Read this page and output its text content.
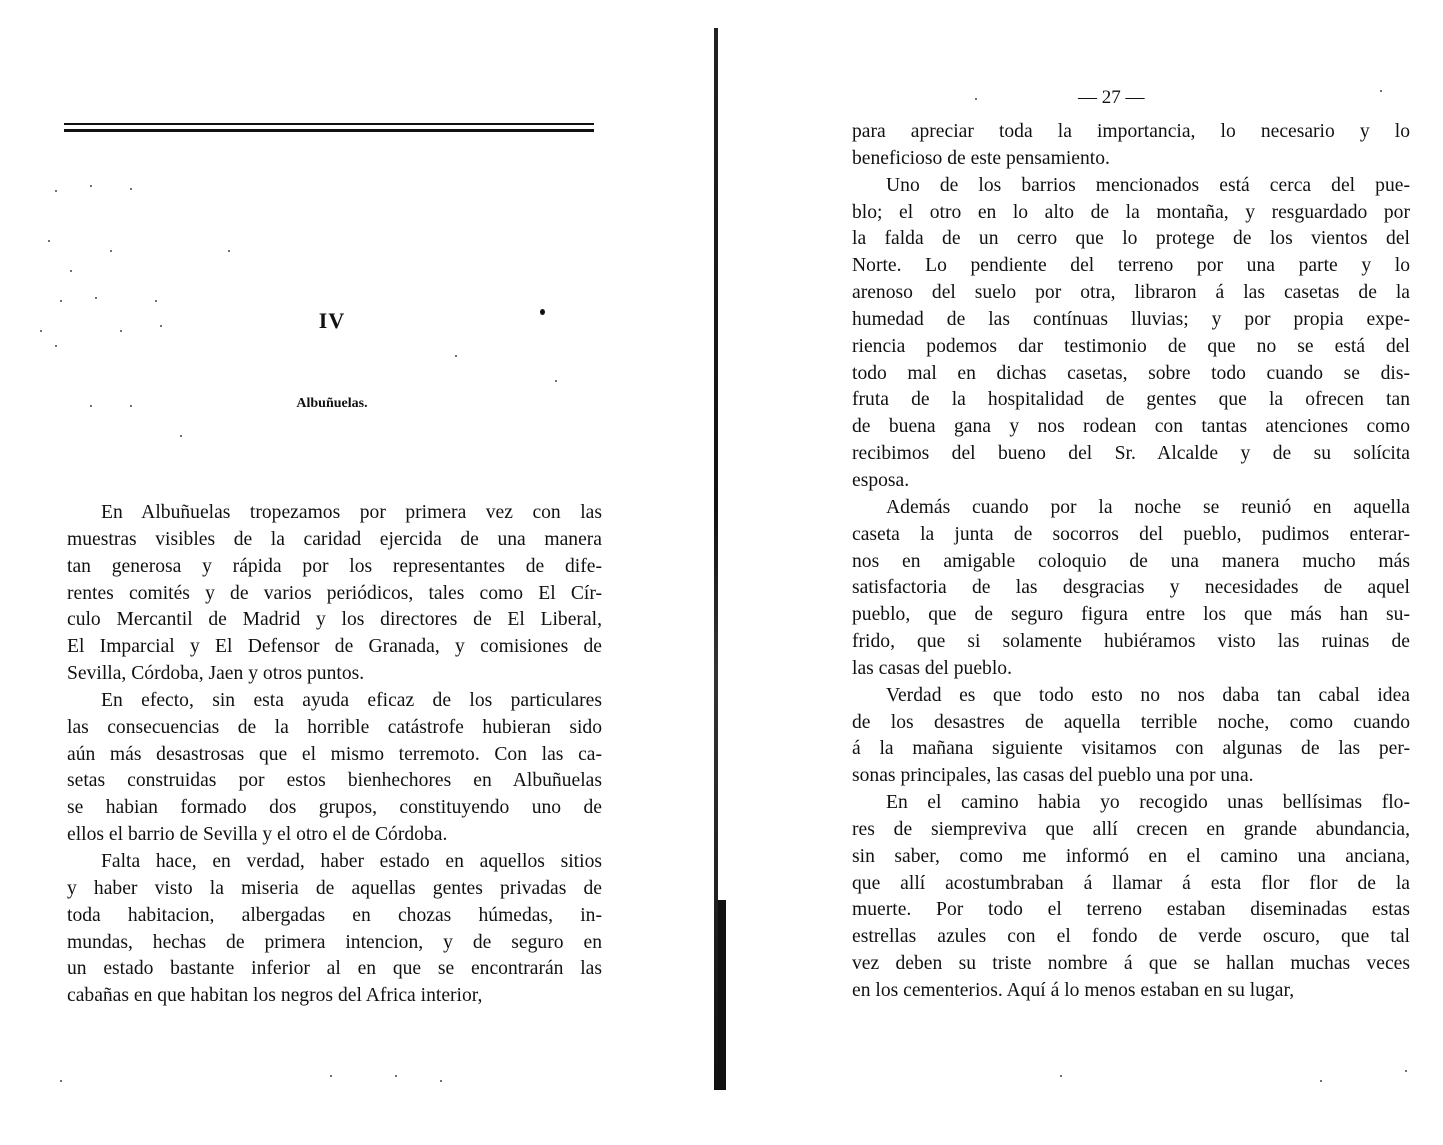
IV
Albuñuelas.
En Albuñuelas tropezamos por primera vez con las
muestras visibles de la caridad ejercida de una manera
tan generosa y rápida por los representantes de dife-
rentes comités y de varios periódicos, tales como El Cír-
culo Mercantil de Madrid y los directores de El Liberal,
El Imparcial y El Defensor de Granada, y comisiones de
Sevilla, Córdoba, Jaen y otros puntos.
En efecto, sin esta ayuda eficaz de los particulares
las consecuencias de la horrible catástrofe hubieran sido
aún más desastrosas que el mismo terremoto. Con las ca-
setas construidas por estos bienhechores en Albuñuelas
se habian formado dos grupos, constituyendo uno de
ellos el barrio de Sevilla y el otro el de Córdoba.
Falta hace, en verdad, haber estado en aquellos sitios
y haber visto la miseria de aquellas gentes privadas de
toda habitacion, albergadas en chozas húmedas, in-
mundas, hechas de primera intencion, y de seguro en
un estado bastante inferior al en que se encontrarán las
cabañas en que habitan los negros del Africa interior,
— 27 —
para apreciar toda la importancia, lo necesario y lo
beneficioso de este pensamiento.
Uno de los barrios mencionados está cerca del pue-
blo; el otro en lo alto de la montaña, y resguardado por
la falda de un cerro que lo protege de los vientos del
Norte. Lo pendiente del terreno por una parte y lo
arenoso del suelo por otra, libraron á las casetas de la
humedad de las contínuas lluvias; y por propia expe-
riencia podemos dar testimonio de que no se está del
todo mal en dichas casetas, sobre todo cuando se dis-
fruta de la hospitalidad de gentes que la ofrecen tan
de buena gana y nos rodean con tantas atenciones como
recibimos del bueno del Sr. Alcalde y de su solícita
esposa.
Además cuando por la noche se reunió en aquella
caseta la junta de socorros del pueblo, pudimos enterar-
nos en amigable coloquio de una manera mucho más
satisfactoria de las desgracias y necesidades de aquel
pueblo, que de seguro figura entre los que más han su-
frido, que si solamente hubiéramos visto las ruinas de
las casas del pueblo.
Verdad es que todo esto no nos daba tan cabal idea
de los desastres de aquella terrible noche, como cuando
á la mañana siguiente visitamos con algunas de las per-
sonas principales, las casas del pueblo una por una.
En el camino habia yo recogido unas bellísimas flo-
res de siempreviva que allí crecen en grande abundancia,
sin saber, como me informó en el camino una anciana,
que allí acostumbraban á llamar á esta flor flor de la
muerte. Por todo el terreno estaban diseminadas estas
estrellas azules con el fondo de verde oscuro, que tal
vez deben su triste nombre á que se hallan muchas veces
en los cementerios. Aquí á lo menos estaban en su lugar,
